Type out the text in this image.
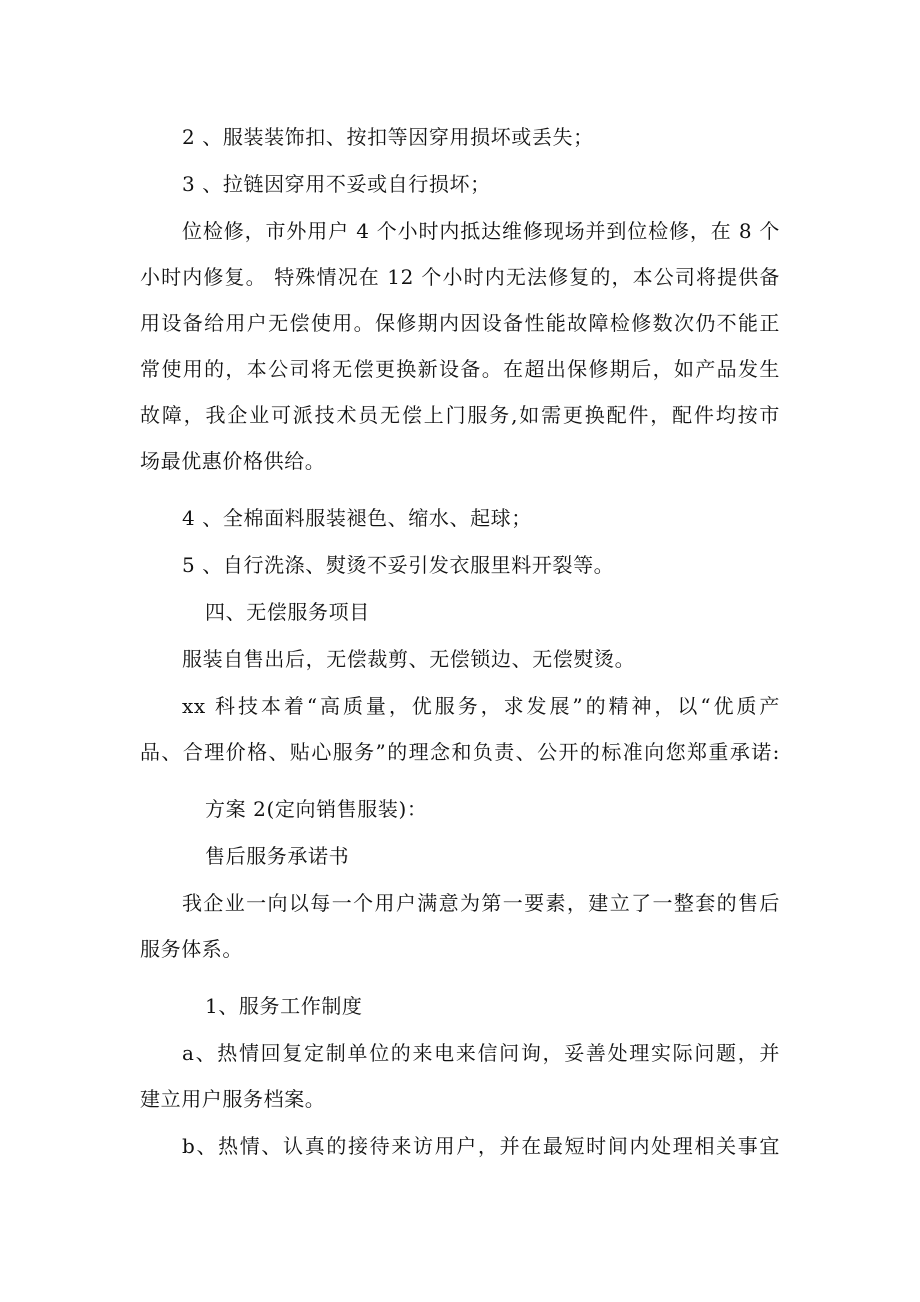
2 、服装装饰扣、按扣等因穿用损坏或丢失；
3 、拉链因穿用不妥或自行损坏；
位检修，市外用户 4 个小时内抵达维修现场并到位检修，在 8 个
小时内修复。 特殊情况在 12 个小时内无法修复的，本公司将提供备
用设备给用户无偿使用。保修期内因设备性能故障检修数次仍不能正
常使用的，本公司将无偿更换新设备。在超出保修期后，如产品发生
故障，我企业可派技术员无偿上门服务,如需更换配件，配件均按市
场最优惠价格供给。
4 、全棉面料服装褪色、缩水、起球；
5 、自行洗涤、熨烫不妥引发衣服里料开裂等。
四、无偿服务项目
服装自售出后，无偿裁剪、无偿锁边、无偿熨烫。
xx 科技本着“高质量，优服务，求发展”的精神，以“优质产
品、合理价格、贴心服务”的理念和负责、公开的标准向您郑重承诺:
方案 2(定向销售服装)：
售后服务承诺书
我企业一向以每一个用户满意为第一要素，建立了一整套的售后
服务体系。
1、服务工作制度
a、热情回复定制单位的来电来信问询，妥善处理实际问题，并
建立用户服务档案。
b、热情、认真的接待来访用户，并在最短时间内处理相关事宜
